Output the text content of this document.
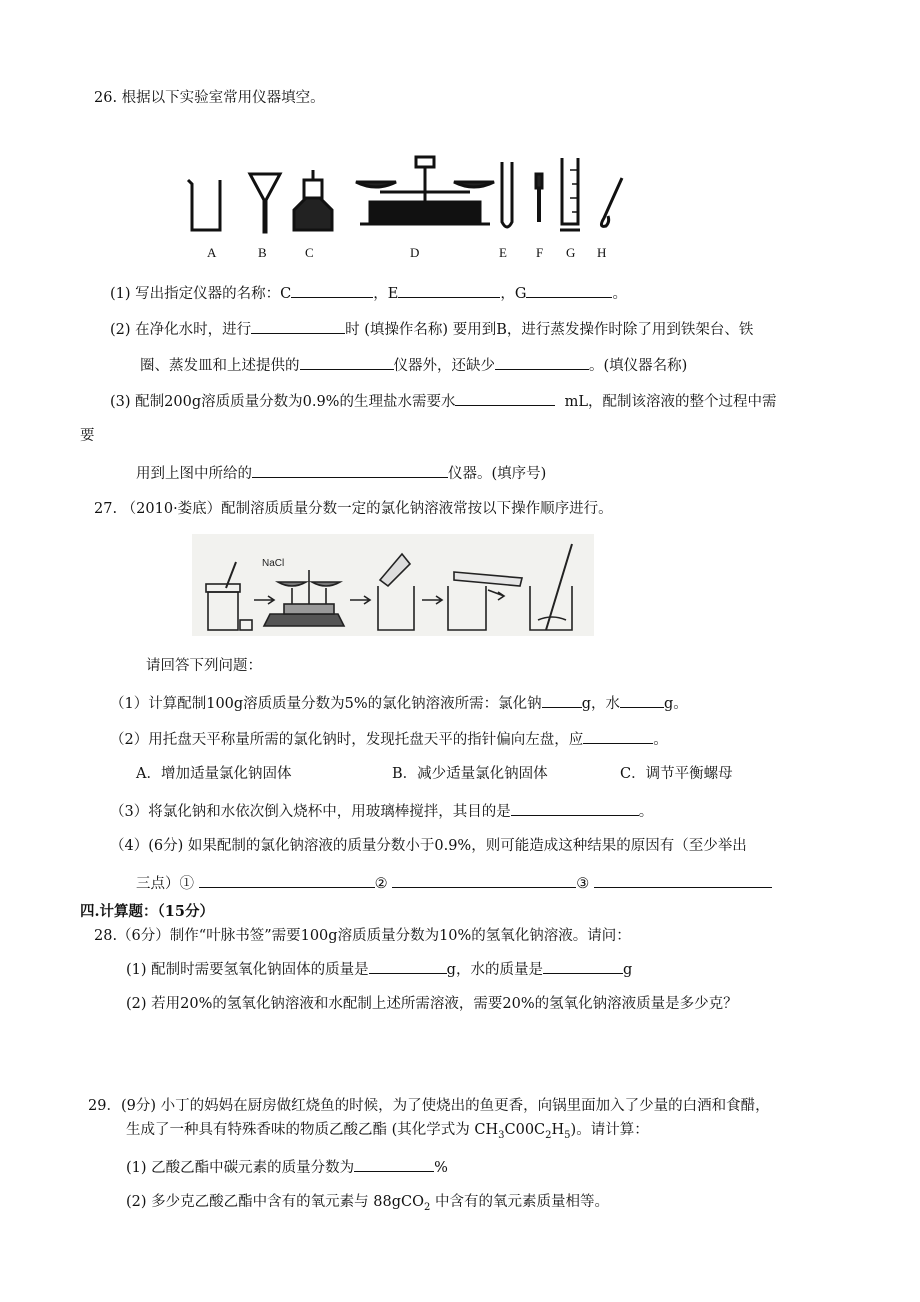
26. 根据以下实验室常用仪器填空。
A	B	C	D	E F G H
(1) 写出指定仪器的名称：C	，E	，G	。
(2) 在净化水时，进行	时 (填操作名称) 要用到B，进行蒸发操作时除了用到铁架台、铁
圈、蒸发皿和上述提供的	仪器外，还缺少	。(填仪器名称)
(3) 配制200g溶质质量分数为0.9%的生理盐水需要水	mL，配制该溶液的整个过程中需
要
用到上图中所给的	仪器。(填序号)
27. （2010·娄底）配制溶质质量分数一定的氯化钠溶液常按以下操作顺序进行。
NaCl
请回答下列问题：
（1）计算配制100g溶质质量分数为5%的氯化钠溶液所需：氯化钠	g，水	g。
（2）用托盘天平称量所需的氯化钠时，发现托盘天平的指针偏向左盘，应	。
A．增加适量氯化钠固体	B．减少适量氯化钠固体	C．调节平衡螺母
（3）将氯化钠和水依次倒入烧杯中，用玻璃棒搅拌，其目的是	。
（4）(6分) 如果配制的氯化钠溶液的质量分数小于0.9%，则可能造成这种结果的原因有（至少举出
三点）①	②	③
四.计算题：（15分）
28.（6分）制作“叶脉书签”需要100g溶质质量分数为10%的氢氧化钠溶液。请问：
(1) 配制时需要氢氧化钠固体的质量是	g，水的质量是	g
(2) 若用20%的氢氧化钠溶液和水配制上述所需溶液，需要20%的氢氧化钠溶液质量是多少克？
29．(9分) 小丁的妈妈在厨房做红烧鱼的时候，为了使烧出的鱼更香，向锅里面加入了少量的白酒和食醋，
生成了一种具有特殊香味的物质乙酸乙酯 (其化学式为 $CH_3C00C_2H_5$)。请计算：
(1) 乙酸乙酯中碳元素的质量分数为	%
(2) 多少克乙酸乙酯中含有的氧元素与 88gCO$_2$ 中含有的氧元素质量相等。
